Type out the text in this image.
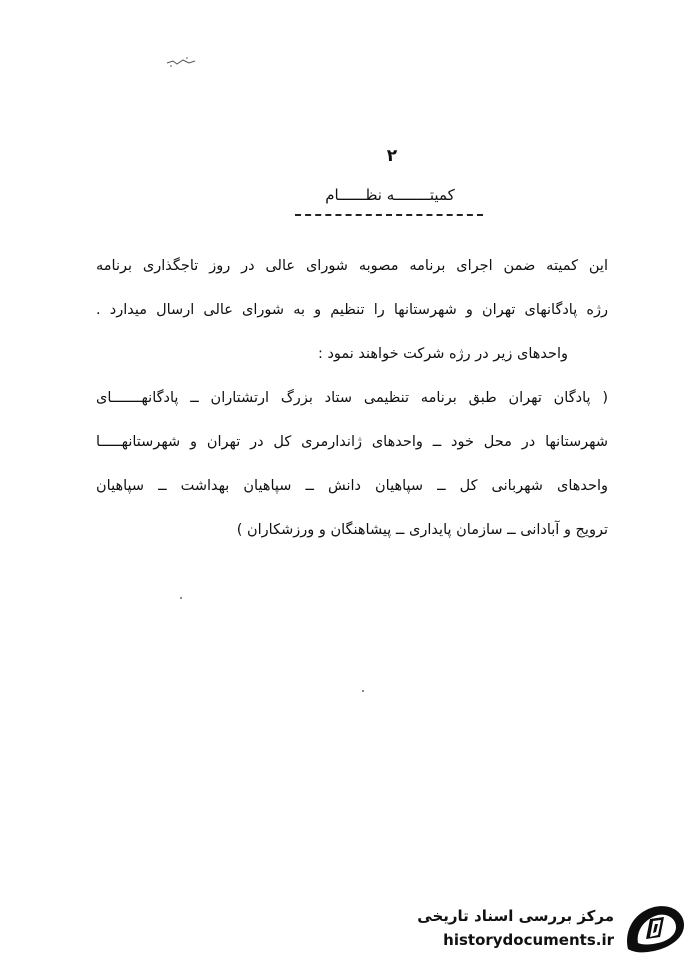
۲
کمیتــــــــه نظــــــام
این کمیته ضمن اجرای برنامه مصوبه شورای عالی در روز تاجگذاری برنامه
رژه پادگانهای تهران و شهرستانها را تنظیم و به شورای عالی ارسال میدارد .
واحدهای زیر در رژه شرکت خواهند نمود :
( پادگان تهران طبق برنامه تنظیمی ستاد بزرگ ارتشتاران ــ پادگانهـــــــای
شهرستانها در محل خود ــ واحدهای ژاندارمری کل در تهران و شهرستانهـــــا
واحدهای شهربانی کل ــ سپاهیان دانش ــ سپاهیان بهداشت ــ سپاهیان
ترویج و آبادانی ــ سازمان پایداری ــ پیشاهنگان و ورزشکاران )
مرکز بررسی اسناد تاریخی
historydocuments.ir
